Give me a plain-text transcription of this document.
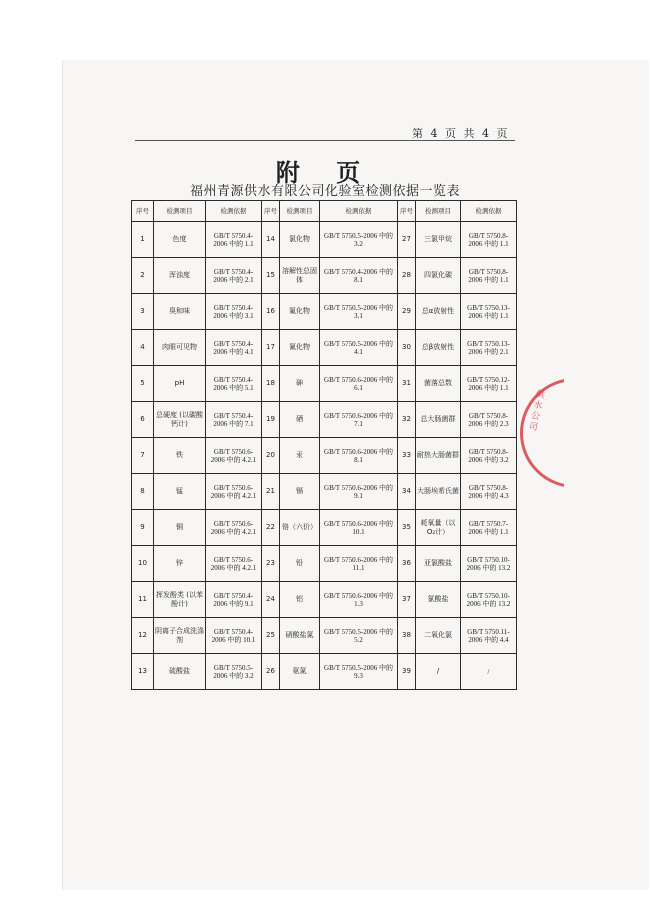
第 4 页 共 4 页
附 页
福州青源供水有限公司化验室检测依据一览表
序号	检测项目	检测依据	序号	检测项目	检测依据	序号	检测项目	检测依据
1	色度	GB/T 5750.4-2006 中的 1.1	14	氯化物	GB/T 5750.5-2006 中的 3.2	27	三氯甲烷	GB/T 5750.8-2006 中的 1.1
2	浑浊度	GB/T 5750.4-2006 中的 2.1	15	溶解性总固体	GB/T 5750.4-2006 中的 8.1	28	四氯化碳	GB/T 5750.8-2006 中的 1.1
3	臭和味	GB/T 5750.4-2006 中的 3.1	16	氟化物	GB/T 5750.5-2006 中的 3.1	29	总α放射性	GB/T 5750.13-2006 中的 1.1
4	肉眼可见物	GB/T 5750.4-2006 中的 4.1	17	氰化物	GB/T 5750.5-2006 中的 4.1	30	总β放射性	GB/T 5750.13-2006 中的 2.1
5	pH	GB/T 5750.4-2006 中的 5.1	18	砷	GB/T 5750.6-2006 中的 6.1	31	菌落总数	GB/T 5750.12-2006 中的 1.1
6	总硬度 (以碳酸钙计)	GB/T 5750.4-2006 中的 7.1	19	硒	GB/T 5750.6-2006 中的 7.1	32	总大肠菌群	GB/T 5750.8-2006 中的 2.3
7	铁	GB/T 5750.6-2006 中的 4.2.1	20	汞	GB/T 5750.6-2006 中的 8.1	33	耐热大肠菌群	GB/T 5750.8-2006 中的 3.2
8	锰	GB/T 5750.6-2006 中的 4.2.1	21	镉	GB/T 5750.6-2006 中的 9.1	34	大肠埃希氏菌	GB/T 5750.8-2006 中的 4.3
9	铜	GB/T 5750.6-2006 中的 4.2.1	22	铬（六价）	GB/T 5750.6-2006 中的 10.1	35	耗氧量（以O₂计）	GB/T 5750.7-2006 中的 1.1
10	锌	GB/T 5750.6-2006 中的 4.2.1	23	铅	GB/T 5750.6-2006 中的 11.1	36	亚氯酸盐	GB/T 5750.10-2006 中的 13.2
11	挥发酚类 (以苯酚计)	GB/T 5750.4-2006 中的 9.1	24	铝	GB/T 5750.6-2006 中的 1.3	37	氯酸盐	GB/T 5750.10-2006 中的 13.2
12	阴离子合成洗涤剂	GB/T 5750.4-2006 中的 10.1	25	硝酸盐氮	GB/T 5750.5-2006 中的 5.2	38	二氧化氯	GB/T 5750.11-2006 中的 4.4
13	硫酸盐	GB/T 5750.5-2006 中的 3.2	26	氨氮	GB/T 5750.5-2006 中的 9.3	39	/	/
供水公司
